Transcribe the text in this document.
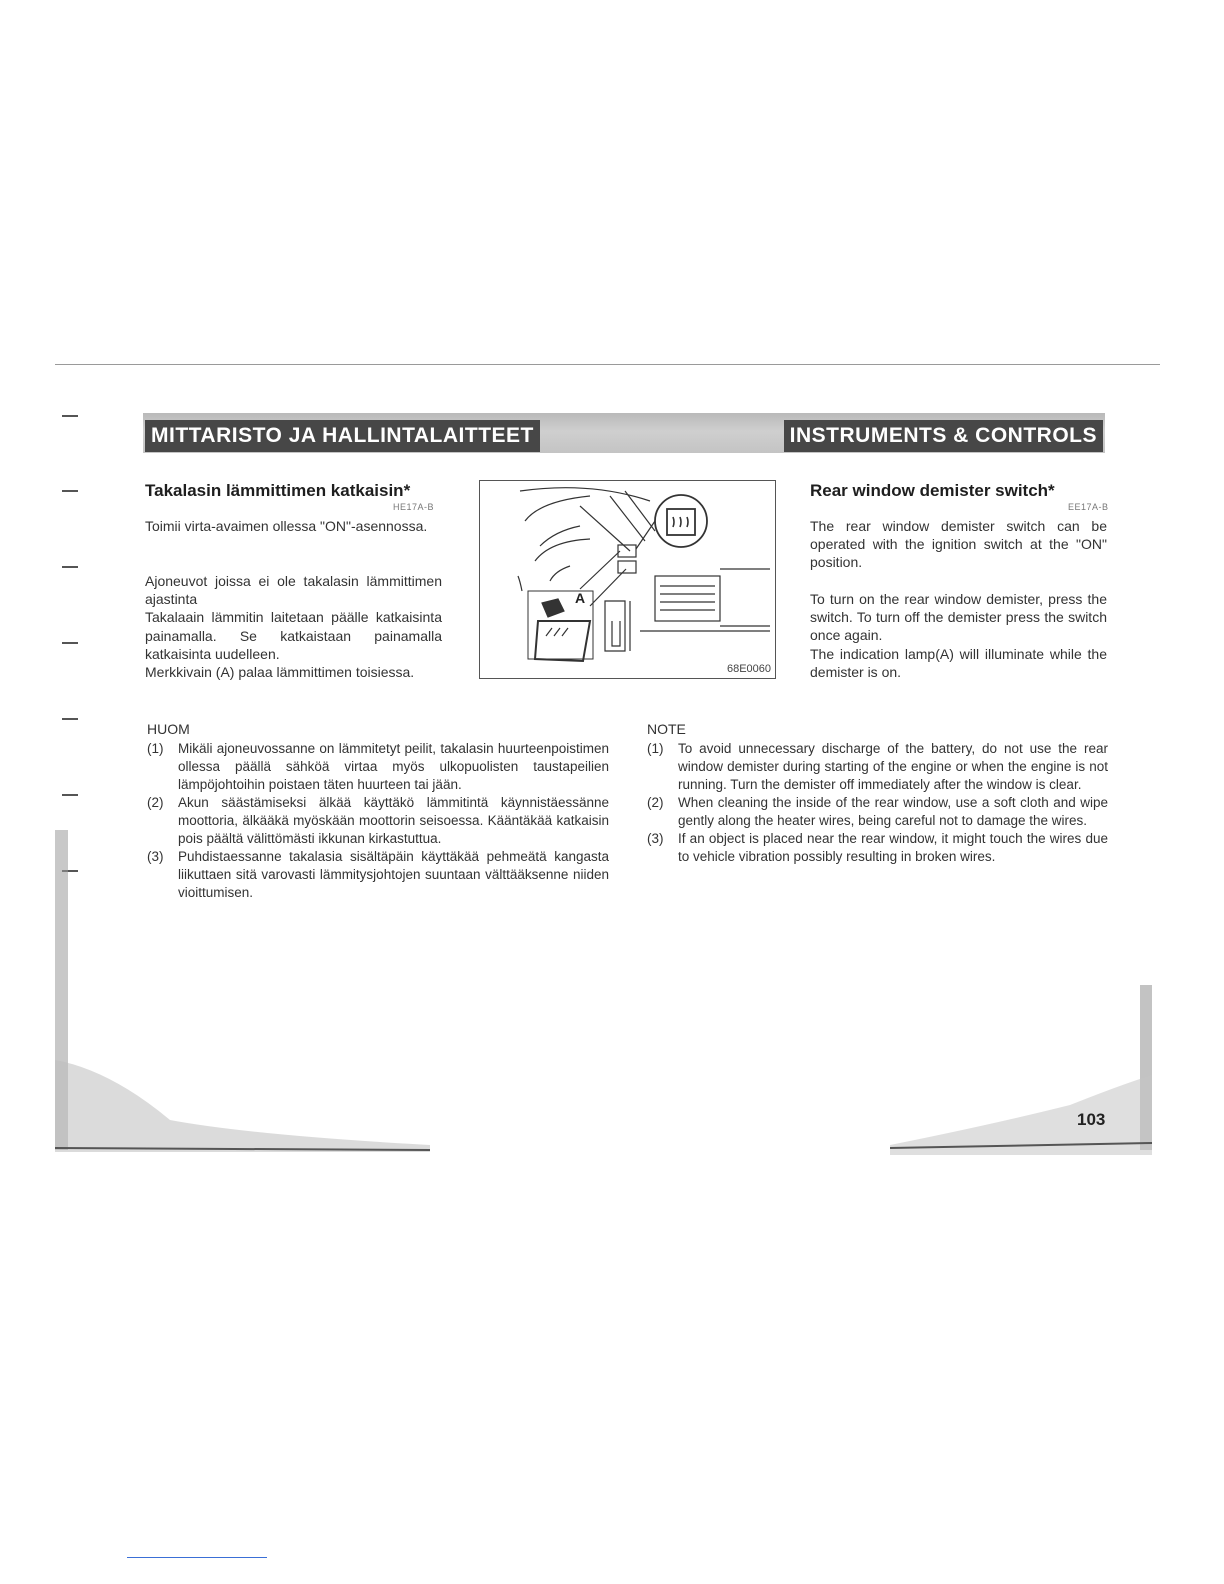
MITTARISTO JA HALLINTALAITTEET	INSTRUMENTS & CONTROLS
Takalasin lämmittimen katkaisin*
HE17A-B
Toimii virta-avaimen ollessa "ON"-asennossa.
Ajoneuvot joissa ei ole takalasin lämmittimen ajastinta
Takalaain lämmitin laitetaan päälle katkaisinta painamalla. Se katkaistaan painamalla katkaisinta uudelleen.
Merkkivain (A) palaa lämmittimen toisiessa.
A
68E0060
Rear window demister switch*
EE17A-B
The rear window demister switch can be operated with the ignition switch at the "ON" position.
To turn on the rear window demister, press the switch. To turn off the demister press the switch once again.
The indication lamp(A) will illuminate while the demister is on.
HUOM
(1) Mikäli ajoneuvossanne on lämmitetyt peilit, takalasin huurteenpoistimen ollessa päällä sähköä virtaa myös ulkopuolisten taustapeilien lämpöjohtoihin poistaen täten huurteen tai jään.
(2) Akun säästämiseksi älkää käyttäkö lämmitintä käynnistäessänne moottoria, älkääkä myöskään moottorin seisoessa. Kääntäkää katkaisin pois päältä välittömästi ikkunan kirkastuttua.
(3) Puhdistaessanne takalasia sisältäpäin käyttäkää pehmeätä kangasta liikuttaen sitä varovasti lämmitysjohtojen suuntaan välttääksenne niiden vioittumisen.
NOTE
(1) To avoid unnecessary discharge of the battery, do not use the rear window demister during starting of the engine or when the engine is not running. Turn the demister off immediately after the window is clear.
(2) When cleaning the inside of the rear window, use a soft cloth and wipe gently along the heater wires, being careful not to damage the wires.
(3) If an object is placed near the rear window, it might touch the wires due to vehicle vibration possibly resulting in broken wires.
103
